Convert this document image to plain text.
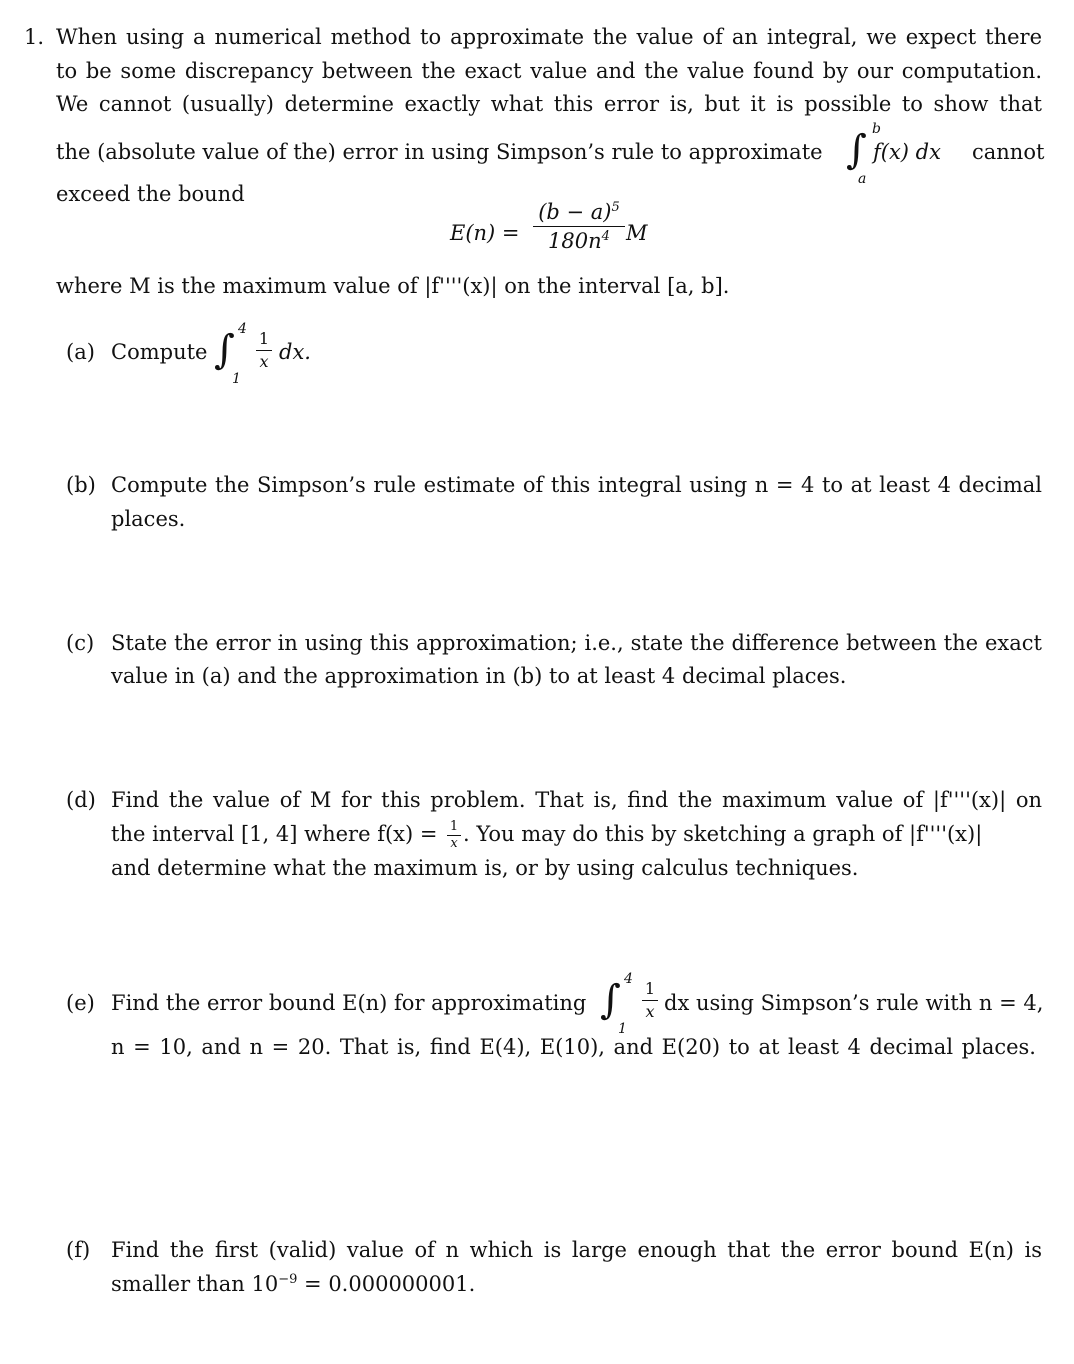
1. When using a numerical method to approximate the value of an integral, we expect there
to be some discrepancy between the exact value and the value found by our computation.
We cannot (usually) determine exactly what this error is, but it is possible to show that
the (absolute value of the) error in using Simpson’s rule to approximate ∫ b
a
f(x) dx cannot
exceed the bound
$E(n) = \frac{(b - a)^5}{180n^4}$ M
where M is the maximum value of |f''''(x)| on the interval [a, b].
(a) Compute ∫ 4
1
$\frac{1}{x}$ dx.
(b) Compute the Simpson’s rule estimate of this integral using n = 4 to at least 4 decimal
places.
(c) State the error in using this approximation; i.e., state the difference between the exact
value in (a) and the approximation in (b) to at least 4 decimal places.
(d) Find the value of M for this problem. That is, find the maximum value of |f''''(x)| on
the interval [1, 4] where $f(x) = \frac{1}{x}$ . You may do this by sketching a graph of |f''''(x)|
and determine what the maximum is, or by using calculus techniques.
(e) Find the error bound E(n) for approximating ∫ 4
1
$\frac{1}{x}$ dx using Simpson’s rule with n = 4,
n = 10, and n = 20. That is, find E(4), E(10), and E(20) to at least 4 decimal places.
(f) Find the first (valid) value of n which is large enough that the error bound E(n) is
smaller than $10^{-9} = 0.000000001$.
